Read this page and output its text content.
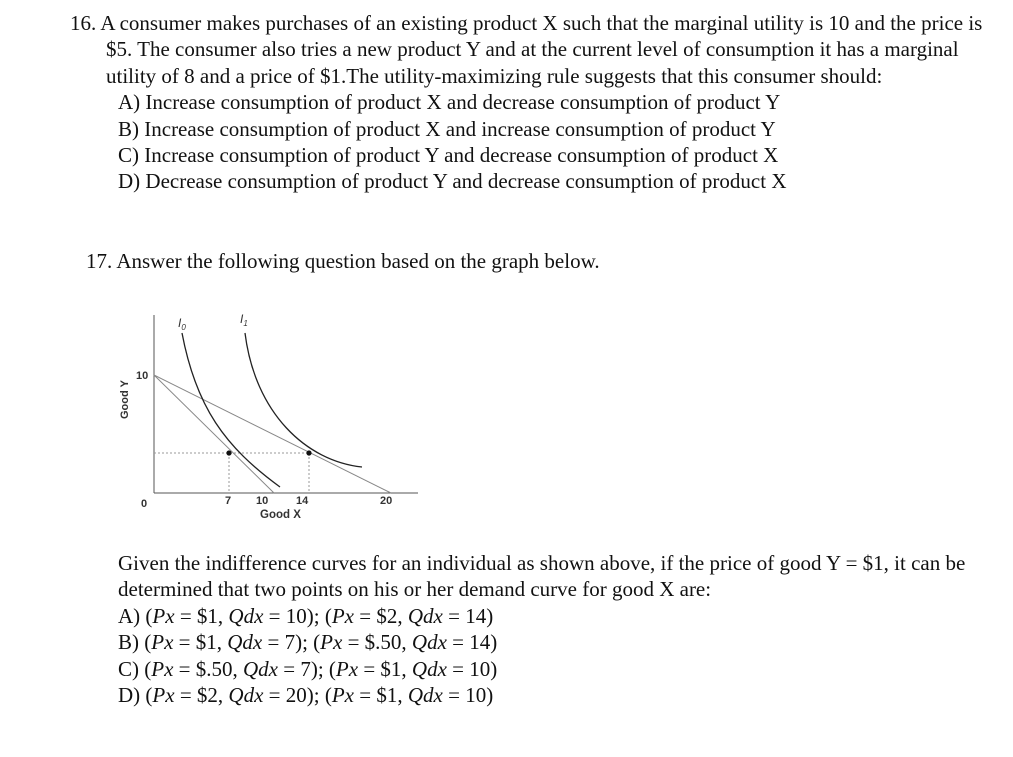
16. A consumer makes purchases of an existing product X such that the marginal utility is 10 and the price is $5. The consumer also tries a new product Y and at the current level of consumption it has a marginal utility of 8 and a price of $1.The utility-maximizing rule suggests that this consumer should:
A) Increase consumption of product X and decrease consumption of product Y
B) Increase consumption of product X and increase consumption of product Y
C) Increase consumption of product Y and decrease consumption of product X
D) Decrease consumption of product Y and decrease consumption of product X
17. Answer the following question based on the graph below.
$I_0$
$I_1$
10
0	7 10	14	20
Good X
Good Y
Given the indifference curves for an individual as shown above, if the price of good Y = $1, it can be determined that two points on his or her demand curve for good X are:
A) (Px = $1, Qdx = 10); (Px = $2, Qdx = 14)
B) (Px = $1, Qdx = 7); (Px = $.50, Qdx = 14)
C) (Px = $.50, Qdx = 7); (Px = $1, Qdx = 10)
D) (Px = $2, Qdx = 20); (Px = $1, Qdx = 10)
